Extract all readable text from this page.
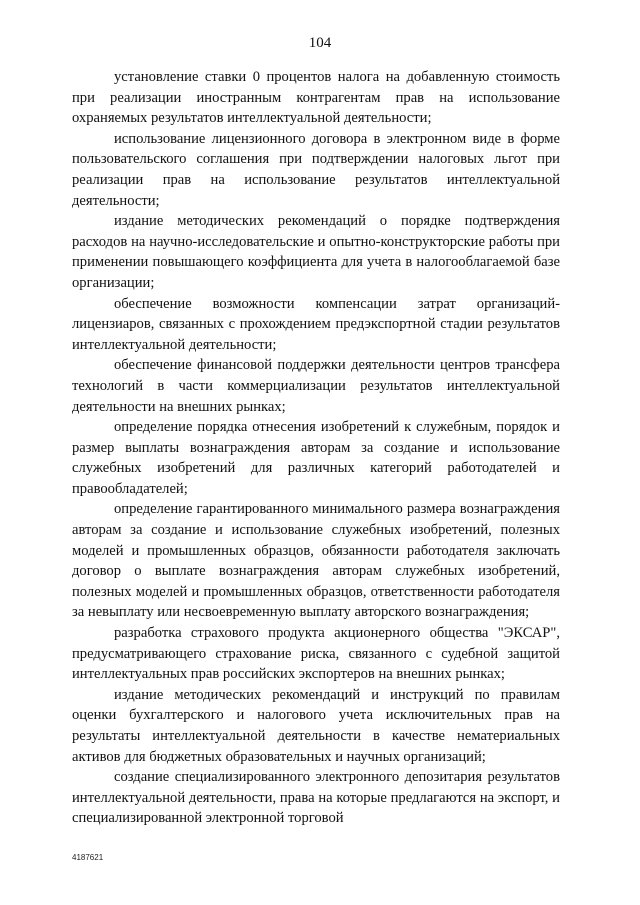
104

установление ставки 0 процентов налога на добавленную стоимость при реализации иностранным контрагентам прав на использование охраняемых результатов интеллектуальной деятельности;

использование лицензионного договора в электронном виде в форме пользовательского соглашения при подтверждении налоговых льгот при реализации прав на использование результатов интеллектуальной деятельности;

издание методических рекомендаций о порядке подтверждения расходов на научно-исследовательские и опытно-конструкторские работы при применении повышающего коэффициента для учета в налогооблагаемой базе организации;

обеспечение возможности компенсации затрат организаций-лицензиаров, связанных с прохождением предэкспортной стадии результатов интеллектуальной деятельности;

обеспечение финансовой поддержки деятельности центров трансфера технологий в части коммерциализации результатов интеллектуальной деятельности на внешних рынках;

определение порядка отнесения изобретений к служебным, порядок и размер выплаты вознаграждения авторам за создание и использование служебных изобретений для различных категорий работодателей и правообладателей;

определение гарантированного минимального размера вознаграждения авторам за создание и использование служебных изобретений, полезных моделей и промышленных образцов, обязанности работодателя заключать договор о выплате вознаграждения авторам служебных изобретений, полезных моделей и промышленных образцов, ответственности работодателя за невыплату или несвоевременную выплату авторского вознаграждения;

разработка страхового продукта акционерного общества "ЭКСАР", предусматривающего страхование риска, связанного с судебной защитой интеллектуальных прав российских экспортеров на внешних рынках;

издание методических рекомендаций и инструкций по правилам оценки бухгалтерского и налогового учета исключительных прав на результаты интеллектуальной деятельности в качестве нематериальных активов для бюджетных образовательных и научных организаций;

создание специализированного электронного депозитария результатов интеллектуальной деятельности, права на которые предлагаются на экспорт, и специализированной электронной торговой

4187621
